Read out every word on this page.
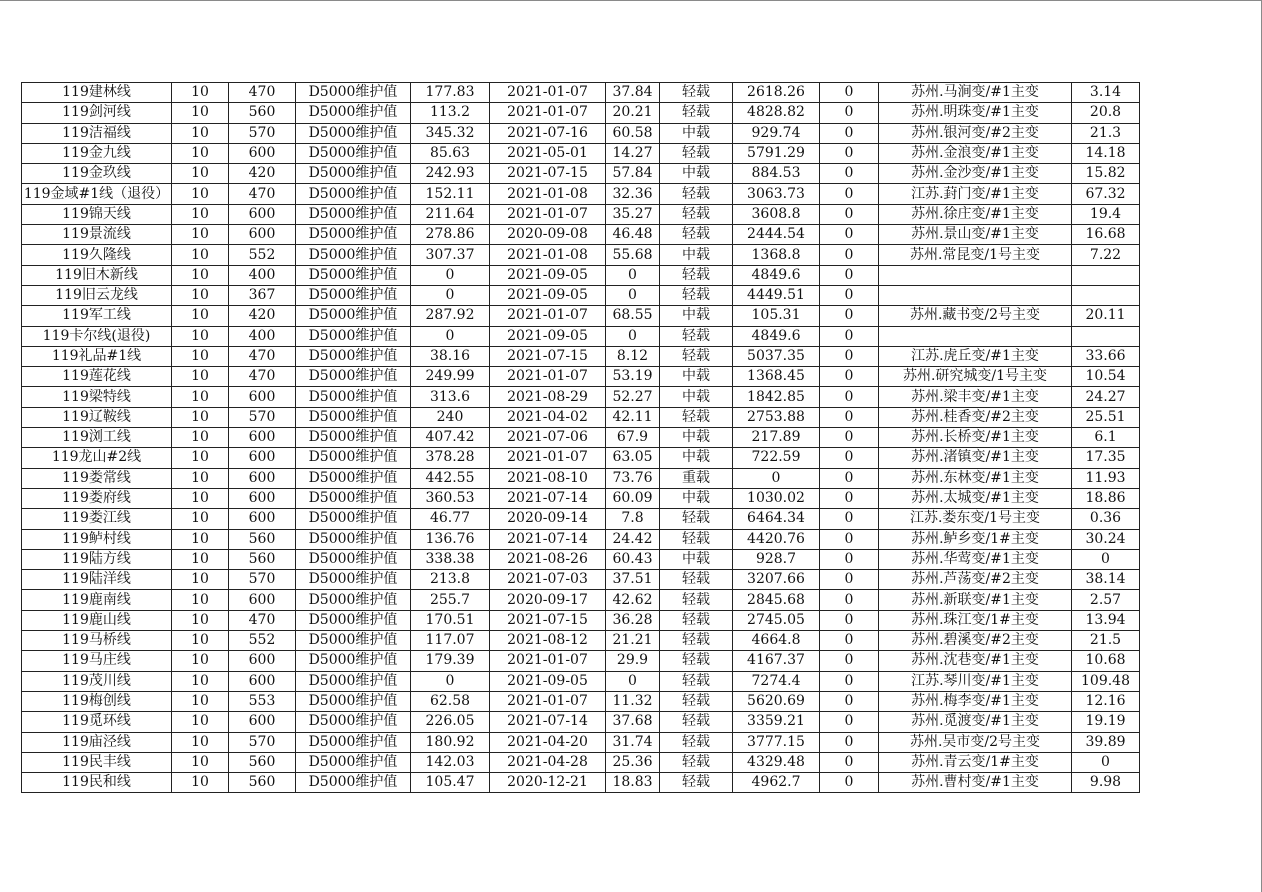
119建林线	10	470	D5000维护值	177.83	2021-01-07	37.84	轻载	2618.26	0	苏州.马涧变/#1主变	3.14
119剑河线	10	560	D5000维护值	113.2	2021-01-07	20.21	轻载	4828.82	0	苏州.明珠变/#1主变	20.8
119洁福线	10	570	D5000维护值	345.32	2021-07-16	60.58	中载	929.74	0	苏州.银河变/#2主变	21.3
119金九线	10	600	D5000维护值	85.63	2021-05-01	14.27	轻载	5791.29	0	苏州.金浪变/#1主变	14.18
119金玖线	10	420	D5000维护值	242.93	2021-07-15	57.84	中载	884.53	0	苏州.金沙变/#1主变	15.82
119金域#1线（退役）	10	470	D5000维护值	152.11	2021-01-08	32.36	轻载	3063.73	0	江苏.葑门变/#1主变	67.32
119锦天线	10	600	D5000维护值	211.64	2021-01-07	35.27	轻载	3608.8	0	苏州.徐庄变/#1主变	19.4
119景流线	10	600	D5000维护值	278.86	2020-09-08	46.48	轻载	2444.54	0	苏州.景山变/#1主变	16.68
119久隆线	10	552	D5000维护值	307.37	2021-01-08	55.68	中载	1368.8	0	苏州.常昆变/1号主变	7.22
119旧木新线	10	400	D5000维护值	0	2021-09-05	0	轻载	4849.6	0		
119旧云龙线	10	367	D5000维护值	0	2021-09-05	0	轻载	4449.51	0		
119军工线	10	420	D5000维护值	287.92	2021-01-07	68.55	中载	105.31	0	苏州.藏书变/2号主变	20.11
119卡尔线(退役)	10	400	D5000维护值	0	2021-09-05	0	轻载	4849.6	0		
119礼品#1线	10	470	D5000维护值	38.16	2021-07-15	8.12	轻载	5037.35	0	江苏.虎丘变/#1主变	33.66
119莲花线	10	470	D5000维护值	249.99	2021-01-07	53.19	中载	1368.45	0	苏州.研究城变/1号主变	10.54
119梁特线	10	600	D5000维护值	313.6	2021-08-29	52.27	中载	1842.85	0	苏州.梁丰变/#1主变	24.27
119辽鞍线	10	570	D5000维护值	240	2021-04-02	42.11	轻载	2753.88	0	苏州.桂香变/#2主变	25.51
119浏工线	10	600	D5000维护值	407.42	2021-07-06	67.9	中载	217.89	0	苏州.长桥变/#1主变	6.1
119龙山#2线	10	600	D5000维护值	378.28	2021-01-07	63.05	中载	722.59	0	苏州.渚镇变/#1主变	17.35
119娄常线	10	600	D5000维护值	442.55	2021-08-10	73.76	重载	0	0	苏州.东林变/#1主变	11.93
119娄府线	10	600	D5000维护值	360.53	2021-07-14	60.09	中载	1030.02	0	苏州.太城变/#1主变	18.86
119娄江线	10	600	D5000维护值	46.77	2020-09-14	7.8	轻载	6464.34	0	江苏.娄东变/1号主变	0.36
119鲈村线	10	560	D5000维护值	136.76	2021-07-14	24.42	轻载	4420.76	0	苏州.鲈乡变/1#主变	30.24
119陆方线	10	560	D5000维护值	338.38	2021-08-26	60.43	中载	928.7	0	苏州.华莺变/#1主变	0
119陆洋线	10	570	D5000维护值	213.8	2021-07-03	37.51	轻载	3207.66	0	苏州.芦荡变/#2主变	38.14
119鹿南线	10	600	D5000维护值	255.7	2020-09-17	42.62	轻载	2845.68	0	苏州.新联变/#1主变	2.57
119鹿山线	10	470	D5000维护值	170.51	2021-07-15	36.28	轻载	2745.05	0	苏州.珠江变/1#主变	13.94
119马桥线	10	552	D5000维护值	117.07	2021-08-12	21.21	轻载	4664.8	0	苏州.碧溪变/#2主变	21.5
119马庄线	10	600	D5000维护值	179.39	2021-01-07	29.9	轻载	4167.37	0	苏州.沈巷变/#1主变	10.68
119茂川线	10	600	D5000维护值	0	2021-09-05	0	轻载	7274.4	0	江苏.琴川变/#1主变	109.48
119梅创线	10	553	D5000维护值	62.58	2021-01-07	11.32	轻载	5620.69	0	苏州.梅李变/#1主变	12.16
119觅环线	10	600	D5000维护值	226.05	2021-07-14	37.68	轻载	3359.21	0	苏州.觅渡变/#1主变	19.19
119庙泾线	10	570	D5000维护值	180.92	2021-04-20	31.74	轻载	3777.15	0	苏州.吴市变/2号主变	39.89
119民丰线	10	560	D5000维护值	142.03	2021-04-28	25.36	轻载	4329.48	0	苏州.青云变/1#主变	0
119民和线	10	560	D5000维护值	105.47	2020-12-21	18.83	轻载	4962.7	0	苏州.曹村变/#1主变	9.98
